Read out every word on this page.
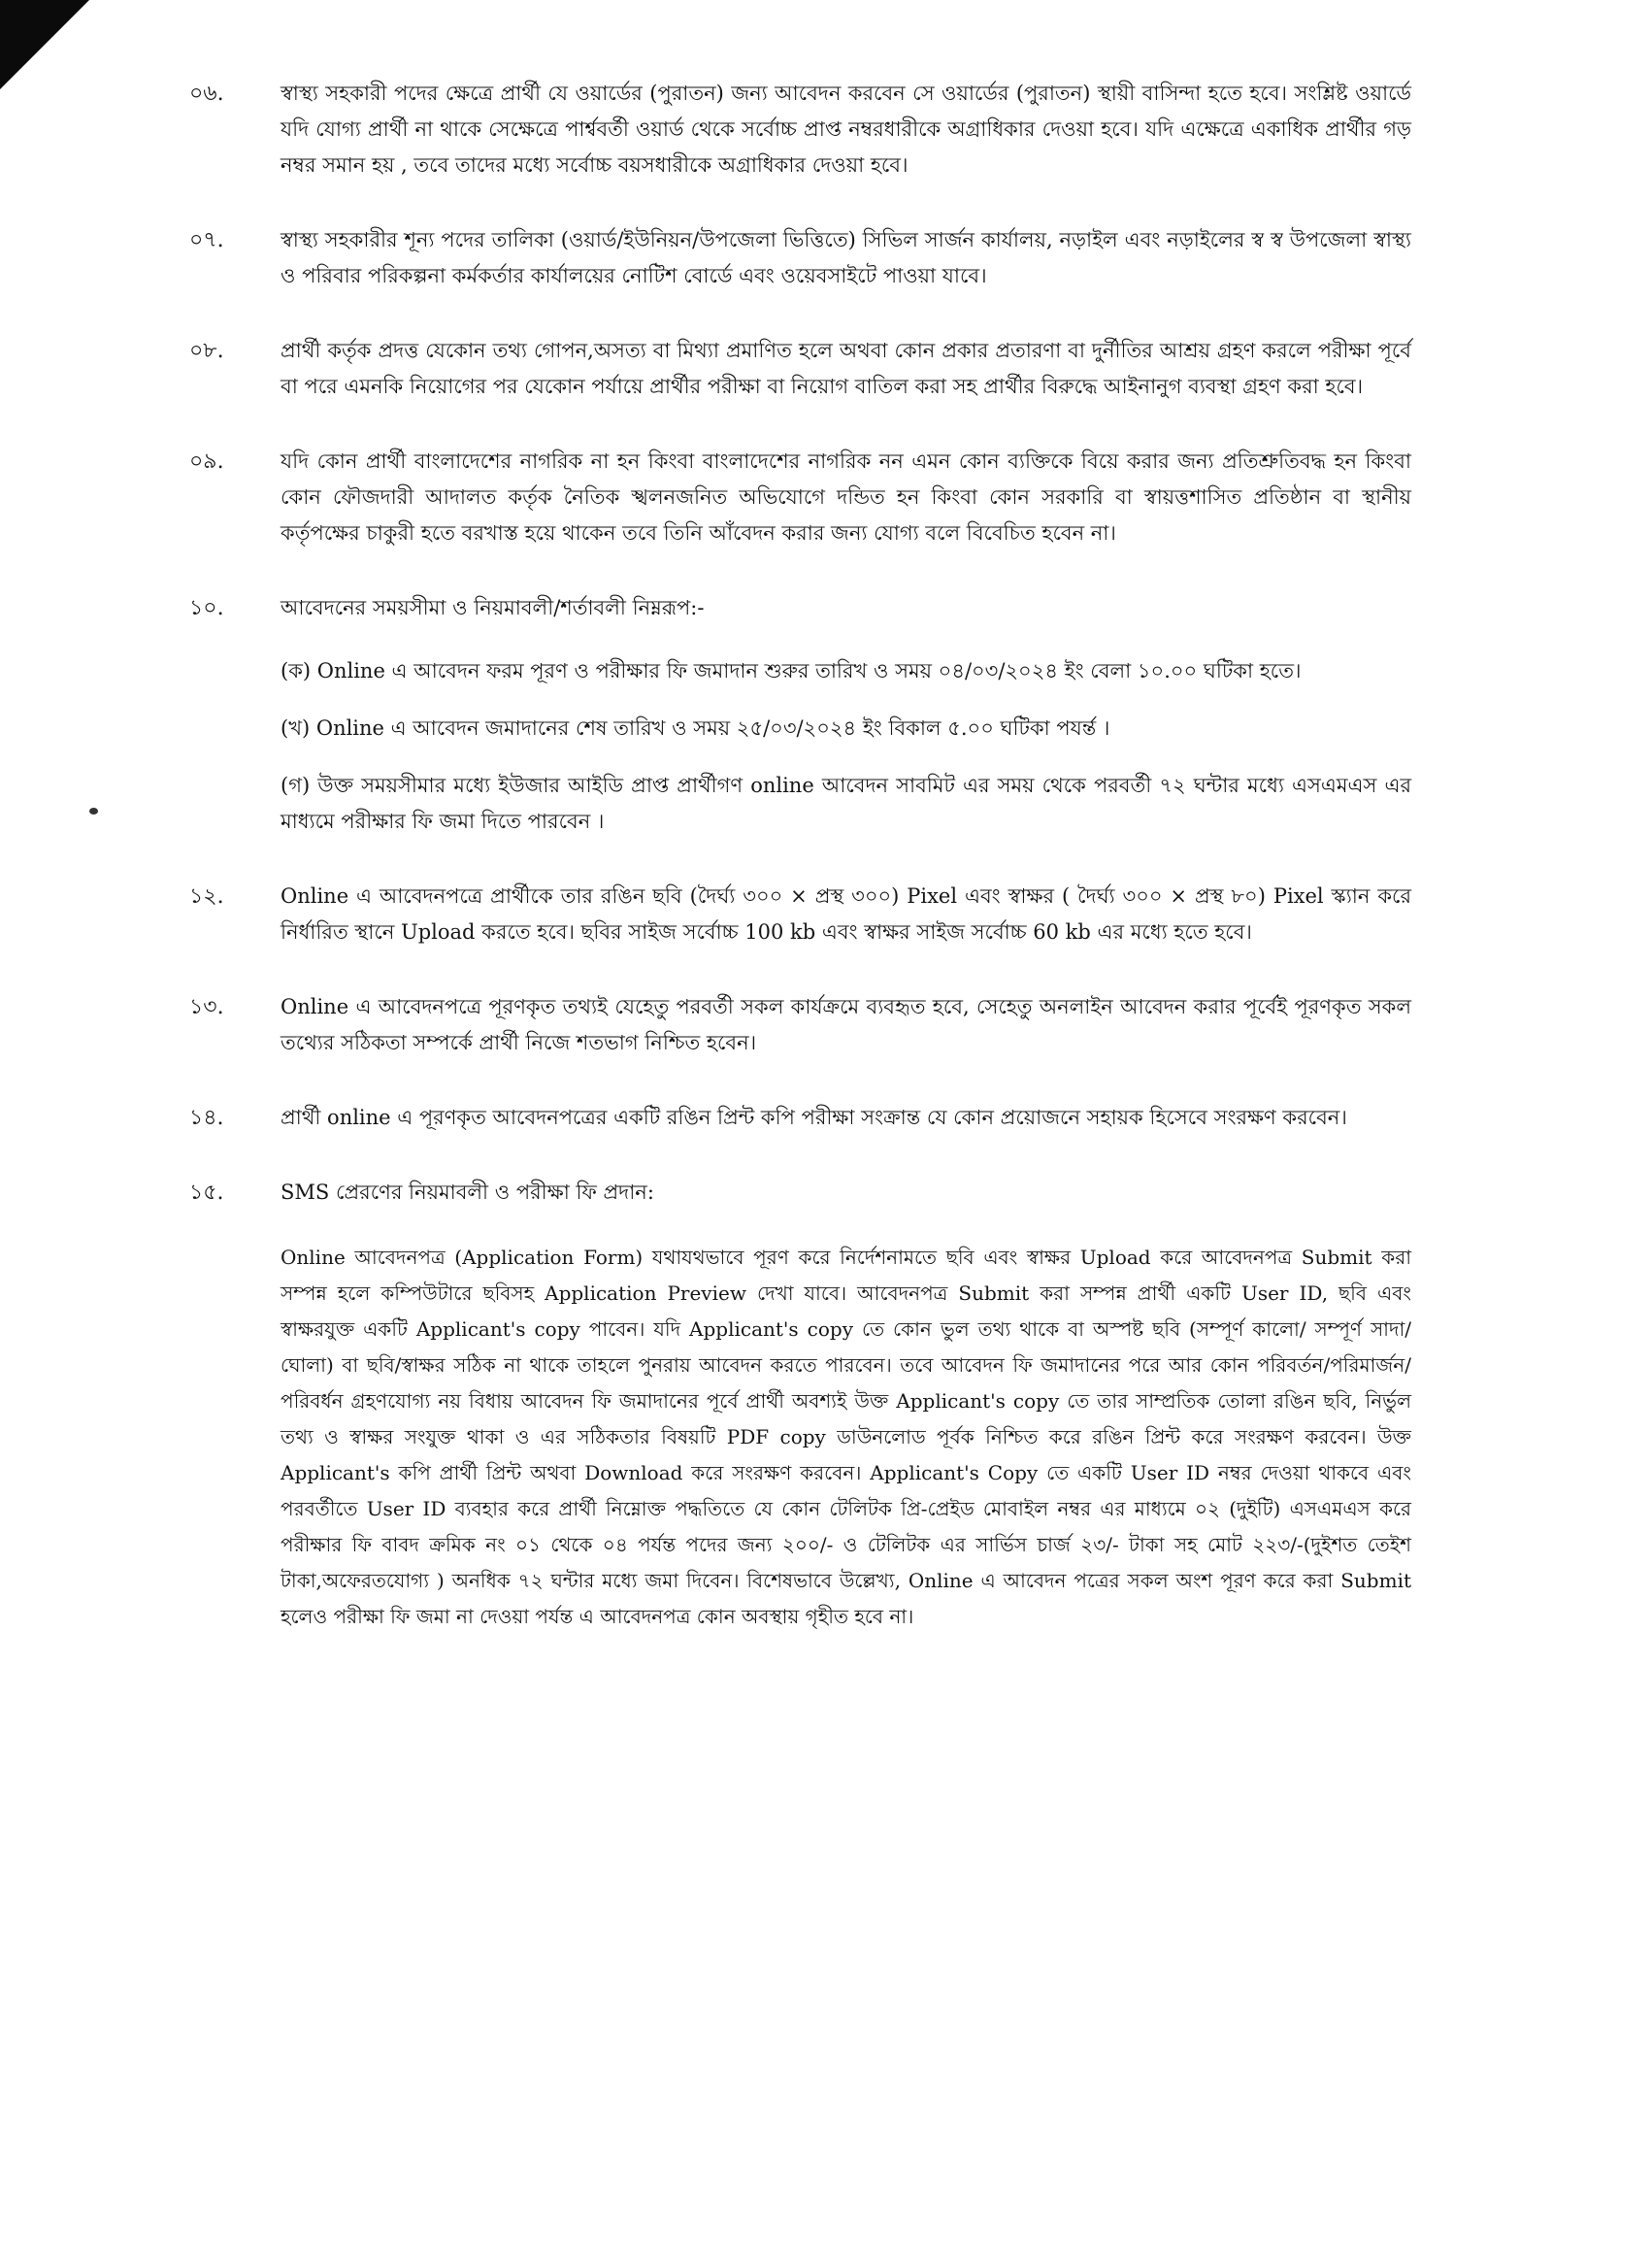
০৬.	স্বাস্থ্য সহকারী পদের ক্ষেত্রে প্রার্থী যে ওয়ার্ডের (পুরাতন) জন্য আবেদন করবেন সে ওয়ার্ডের (পুরাতন) স্থায়ী বাসিন্দা হতে হবে। সংশ্লিষ্ট ওয়ার্ডে যদি যোগ্য প্রার্থী না থাকে সেক্ষেত্রে পার্শ্ববর্তী ওয়ার্ড থেকে সর্বোচ্চ প্রাপ্ত নম্বরধারীকে অগ্রাধিকার দেওয়া হবে। যদি এক্ষেত্রে একাধিক প্রার্থীর গড় নম্বর সমান হয় , তবে তাদের মধ্যে সর্বোচ্চ বয়সধারীকে অগ্রাধিকার দেওয়া হবে।

০৭.	স্বাস্থ্য সহকারীর শূন্য পদের তালিকা (ওয়ার্ড/ইউনিয়ন/উপজেলা ভিত্তিতে) সিভিল সার্জন কার্যালয়, নড়াইল এবং নড়াইলের স্ব স্ব উপজেলা স্বাস্থ্য ও পরিবার পরিকল্পনা কর্মকর্তার কার্যালয়ের নোটিশ বোর্ডে এবং ওয়েবসাইটে পাওয়া যাবে।

০৮.	প্রার্থী কর্তৃক প্রদত্ত যেকোন তথ্য গোপন,অসত্য বা মিথ্যা প্রমাণিত হলে অথবা কোন প্রকার প্রতারণা বা দুর্নীতির আশ্রয় গ্রহণ করলে পরীক্ষা পূর্বে বা পরে এমনকি নিয়োগের পর যেকোন পর্যায়ে প্রার্থীর পরীক্ষা বা নিয়োগ বাতিল করা সহ প্রার্থীর বিরুদ্ধে আইনানুগ ব্যবস্থা গ্রহণ করা হবে।

০৯.	যদি কোন প্রার্থী বাংলাদেশের নাগরিক না হন কিংবা বাংলাদেশের নাগরিক নন এমন কোন ব্যক্তিকে বিয়ে করার জন্য প্রতিশ্রুতিবদ্ধ হন কিংবা কোন ফৌজদারী আদালত কর্তৃক নৈতিক স্খলনজনিত অভিযোগে দন্ডিত হন কিংবা কোন সরকারি বা স্বায়ত্তশাসিত প্রতিষ্ঠান বা স্থানীয় কর্তৃপক্ষের চাকুরী হতে বরখাস্ত হয়ে থাকেন তবে তিনি আঁবেদন করার জন্য যোগ্য বলে বিবেচিত হবেন না।

১০.	আবেদনের সময়সীমা ও নিয়মাবলী/শর্তাবলী নিম্নরূপ:-

(ক) Online এ আবেদন ফরম পূরণ ও পরীক্ষার ফি জমাদান শুরুর তারিখ ও সময় ০৪/০৩/২০২৪ ইং বেলা ১০.০০ ঘটিকা হতে।

(খ) Online এ আবেদন জমাদানের শেষ তারিখ ও সময় ২৫/০৩/২০২৪ ইং বিকাল ৫.০০ ঘটিকা পযর্ন্ত ।

(গ) উক্ত সময়সীমার মধ্যে ইউজার আইডি প্রাপ্ত প্রার্থীগণ online আবেদন সাবমিট এর সময় থেকে পরবর্তী ৭২ ঘন্টার মধ্যে এসএমএস এর মাধ্যমে পরীক্ষার ফি জমা দিতে পারবেন ।

১২.	Online এ আবেদনপত্রে প্রার্থীকে তার রঙিন ছবি (দৈর্ঘ্য ৩০০ × প্রস্থ ৩০০) Pixel এবং স্বাক্ষর ( দৈর্ঘ্য ৩০০ × প্রস্থ ৮০) Pixel স্ক্যান করে নির্ধারিত স্থানে Upload করতে হবে। ছবির সাইজ সর্বোচ্চ 100 kb এবং স্বাক্ষর সাইজ সর্বোচ্চ 60 kb এর মধ্যে হতে হবে।

১৩.	Online এ আবেদনপত্রে পূরণকৃত তথ্যই যেহেতু পরবর্তী সকল কার্যক্রমে ব্যবহৃত হবে, সেহেতু অনলাইন আবেদন করার পূর্বেই পূরণকৃত সকল তথ্যের সঠিকতা সম্পর্কে প্রার্থী নিজে শতভাগ নিশ্চিত হবেন।

১৪.	প্রার্থী online এ পূরণকৃত আবেদনপত্রের একটি রঙিন প্রিন্ট কপি পরীক্ষা সংক্রান্ত যে কোন প্রয়োজনে সহায়ক হিসেবে সংরক্ষণ করবেন।

১৫.	SMS প্রেরণের নিয়মাবলী ও পরীক্ষা ফি প্রদান:

Online আবেদনপত্র (Application Form) যথাযথভাবে পূরণ করে নির্দেশনামতে ছবি এবং স্বাক্ষর Upload করে আবেদনপত্র Submit করা সম্পন্ন হলে কম্পিউটারে ছবিসহ Application Preview দেখা যাবে। আবেদনপত্র Submit করা সম্পন্ন প্রার্থী একটি User ID, ছবি এবং স্বাক্ষরযুক্ত একটি Applicant's copy পাবেন। যদি Applicant's copy তে কোন ভুল তথ্য থাকে বা অস্পষ্ট ছবি (সম্পূর্ণ কালো/ সম্পূর্ণ সাদা/ঘোলা) বা ছবি/স্বাক্ষর সঠিক না থাকে তাহলে পুনরায় আবেদন করতে পারবেন। তবে আবেদন ফি জমাদানের পরে আর কোন পরিবর্তন/পরিমার্জন/ পরিবর্ধন গ্রহণযোগ্য নয় বিধায় আবেদন ফি জমাদানের পূর্বে প্রার্থী অবশ্যই উক্ত Applicant's copy তে তার সাম্প্রতিক তোলা রঙিন ছবি, নির্ভুল তথ্য ও স্বাক্ষর সংযুক্ত থাকা ও এর সঠিকতার বিষয়টি PDF copy ডাউনলোড পূর্বক নিশ্চিত করে রঙিন প্রিন্ট করে সংরক্ষণ করবেন। উক্ত Applicant's কপি প্রার্থী প্রিন্ট অথবা Download করে সংরক্ষণ করবেন। Applicant's Copy তে একটি User ID নম্বর দেওয়া থাকবে এবং পরবর্তীতে User ID ব্যবহার করে প্রার্থী নিম্নোক্ত পদ্ধতিতে যে কোন টেলিটক প্রি-প্রেইড মোবাইল নম্বর এর মাধ্যমে ০২ (দুইটি) এসএমএস করে পরীক্ষার ফি বাবদ ক্রমিক নং ০১ থেকে ০৪ পর্যন্ত পদের জন্য ২০০/- ও টেলিটক এর সার্ভিস চার্জ ২৩/- টাকা সহ মোট ২২৩/-(দুইশত তেইশ টাকা,অফেরতযোগ্য ) অনধিক ৭২ ঘন্টার মধ্যে জমা দিবেন। বিশেষভাবে উল্লেখ্য, Online এ আবেদন পত্রের সকল অংশ পূরণ করে করা Submit হলেও পরীক্ষা ফি জমা না দেওয়া পর্যন্ত এ আবেদনপত্র কোন অবস্থায় গৃহীত হবে না।
